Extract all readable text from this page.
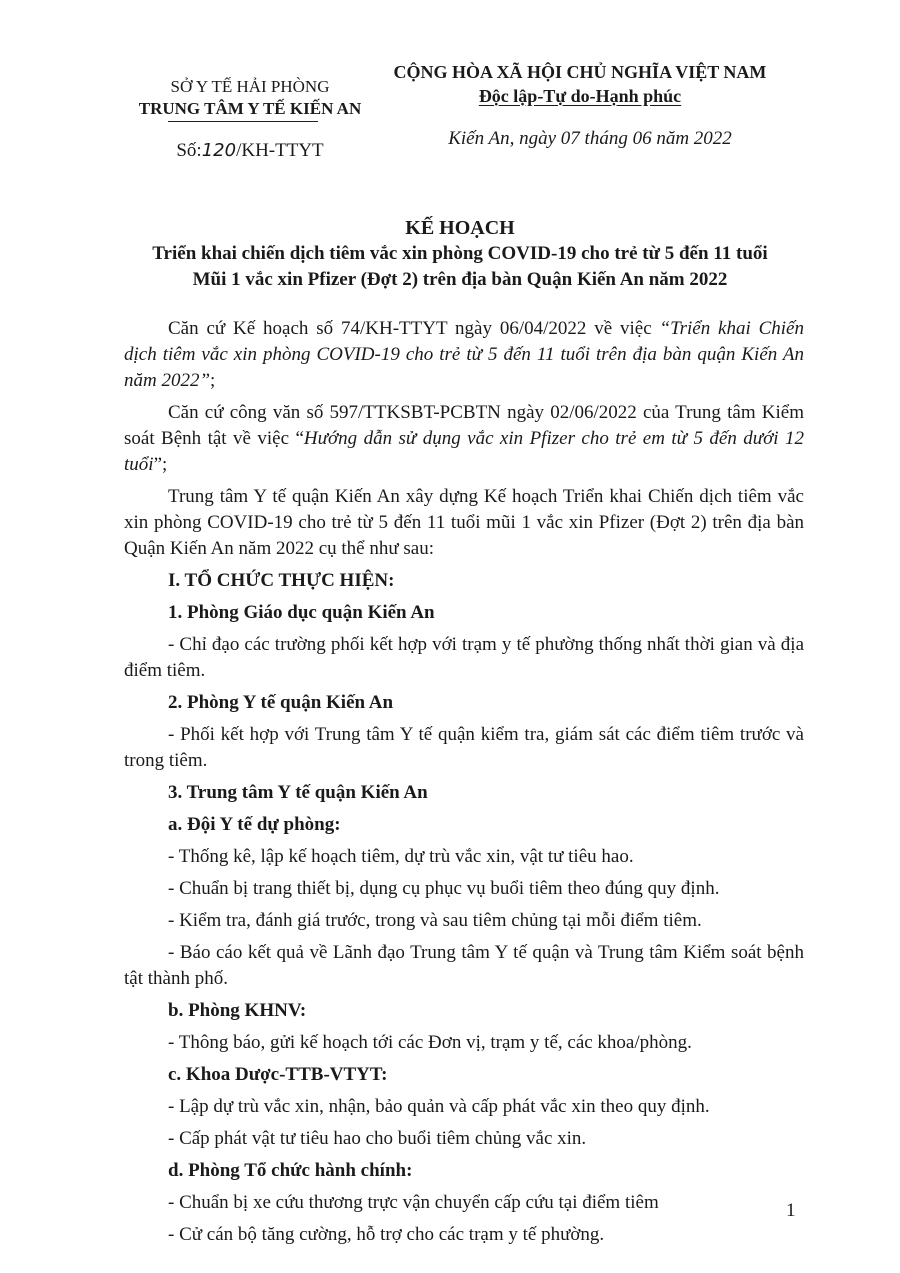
SỞ Y TẾ HẢI PHÒNG
TRUNG TÂM Y TẾ KIẾN AN
Số:120/KH-TTYT
CỘNG HÒA XÃ HỘI CHỦ NGHĨA VIỆT NAM
Độc lập-Tự do-Hạnh phúc
Kiến An, ngày 07 tháng 06 năm 2022
KẾ HOẠCH
Triển khai chiến dịch tiêm vắc xin phòng COVID-19 cho trẻ từ 5 đến 11 tuổi
Mũi 1 vắc xin Pfizer (Đợt 2) trên địa bàn Quận Kiến An năm 2022

Căn cứ Kế hoạch số 74/KH-TTYT ngày 06/04/2022 về việc “Triển khai Chiến dịch tiêm vắc xin phòng COVID-19 cho trẻ từ 5 đến 11 tuổi trên địa bàn quận Kiến An năm 2022”;

Căn cứ công văn số 597/TTKSBT-PCBTN ngày 02/06/2022 của Trung tâm Kiểm soát Bệnh tật về việc “Hướng dẫn sử dụng vắc xin Pfizer cho trẻ em từ 5 đến dưới 12 tuổi”;

Trung tâm Y tế quận Kiến An xây dựng Kế hoạch Triển khai Chiến dịch tiêm vắc xin phòng COVID-19 cho trẻ từ 5 đến 11 tuổi mũi 1 vắc xin Pfizer (Đợt 2) trên địa bàn Quận Kiến An năm 2022 cụ thể như sau:

I. TỔ CHỨC THỰC HIỆN:

1. Phòng Giáo dục quận Kiến An

- Chỉ đạo các trường phối kết hợp với trạm y tế phường thống nhất thời gian và địa điểm tiêm.

2. Phòng Y tế quận Kiến An

- Phối kết hợp với Trung tâm Y tế quận kiểm tra, giám sát các điểm tiêm trước và trong tiêm.

3. Trung tâm Y tế quận Kiến An

a. Đội Y tế dự phòng:

- Thống kê, lập kế hoạch tiêm, dự trù vắc xin, vật tư tiêu hao.

- Chuẩn bị trang thiết bị, dụng cụ phục vụ buổi tiêm theo đúng quy định.

- Kiểm tra, đánh giá trước, trong và sau tiêm chủng tại mỗi điểm tiêm.

- Báo cáo kết quả về Lãnh đạo Trung tâm Y tế quận và Trung tâm Kiểm soát bệnh tật thành phố.

b. Phòng KHNV:

- Thông báo, gửi kế hoạch tới các Đơn vị, trạm y tế, các khoa/phòng.

c. Khoa Dược-TTB-VTYT:

- Lập dự trù vắc xin, nhận, bảo quản và cấp phát vắc xin theo quy định.

- Cấp phát vật tư tiêu hao cho buổi tiêm chủng vắc xin.

d. Phòng Tổ chức hành chính:

- Chuẩn bị xe cứu thương trực vận chuyển cấp cứu tại điểm tiêm

- Cử cán bộ tăng cường, hỗ trợ cho các trạm y tế phường.

1
